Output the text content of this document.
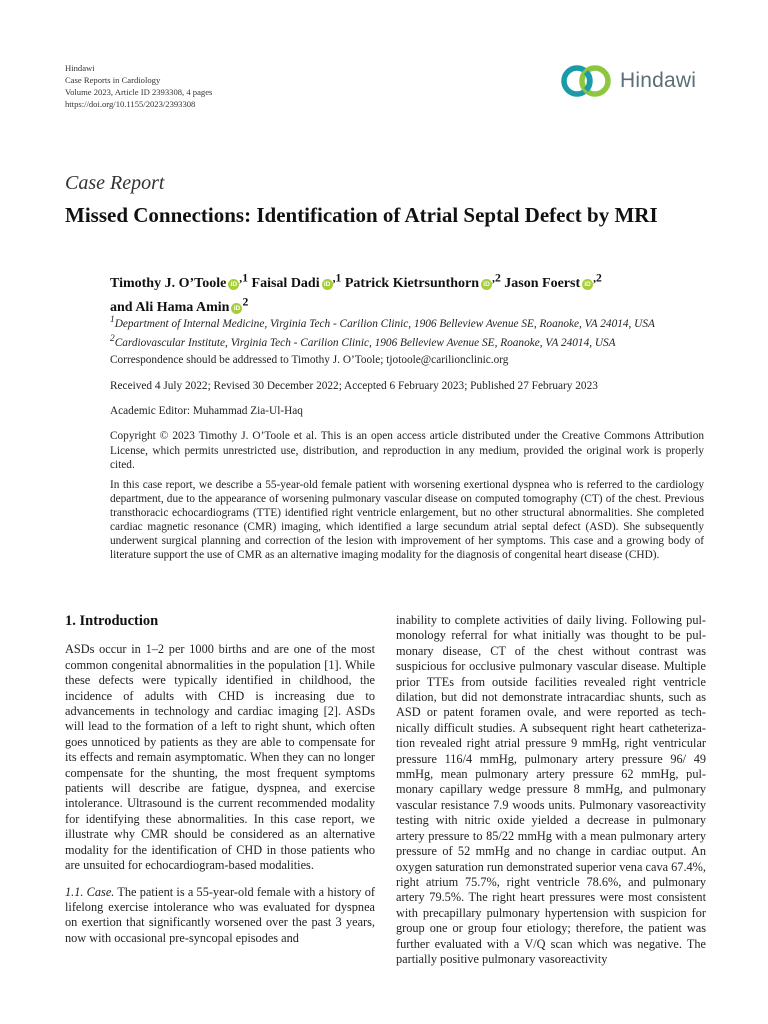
Hindawi
Case Reports in Cardiology
Volume 2023, Article ID 2393308, 4 pages
https://doi.org/10.1155/2023/2393308
Hindawi
Case Report
Missed Connections: Identification of Atrial Septal Defect by MRI
Timothy J. O’Toole $iD^{,1}$ Faisal Dadi $iD^{,1}$ Patrick Kietrsunthorn $iD^{,2}$ Jason Foerst $iD^{,2}$
and Ali Hama Amin $iD^2$
$^1$Department of Internal Medicine, Virginia Tech - Carilion Clinic, 1906 Belleview Avenue SE, Roanoke, VA 24014, USA
$^2$Cardiovascular Institute, Virginia Tech - Carilion Clinic, 1906 Belleview Avenue SE, Roanoke, VA 24014, USA
Correspondence should be addressed to Timothy J. O’Toole; tjotoole@carilionclinic.org
Received 4 July 2022; Revised 30 December 2022; Accepted 6 February 2023; Published 27 February 2023
Academic Editor: Muhammad Zia-Ul-Haq
Copyright © 2023 Timothy J. O’Toole et al. This is an open access article distributed under the Creative Commons Attribution License, which permits unrestricted use, distribution, and reproduction in any medium, provided the original work is properly cited.
In this case report, we describe a 55-year-old female patient with worsening exertional dyspnea who is referred to the cardiology department, due to the appearance of worsening pulmonary vascular disease on computed tomography (CT) of the chest. Previous transthoracic echocardiograms (TTE) identified right ventricle enlargement, but no other structural abnormalities. She completed cardiac magnetic resonance (CMR) imaging, which identified a large secundum atrial septal defect (ASD). She subsequently underwent surgical planning and correction of the lesion with improvement of her symptoms. This case and a growing body of literature support the use of CMR as an alternative imaging modality for the diagnosis of congenital heart disease (CHD).
1. Introduction

ASDs occur in 1–2 per 1000 births and are one of the most common congenital abnormalities in the population [1]. While these defects were typically identified in childhood, the incidence of adults with CHD is increasing due to advancements in technology and cardiac imaging [2]. ASDs will lead to the formation of a left to right shunt, which often goes unnoticed by patients as they are able to compensate for its effects and remain asymptomatic. When they can no longer compensate for the shunting, the most frequent symptoms patients will describe are fatigue, dyspnea, and exercise intolerance. Ultrasound is the current recommended modality for identifying these abnormalities. In this case report, we illustrate why CMR should be considered as an alternative modality for the identification of CHD in those patients who are unsuited for echocardiogram-based modalities.

1.1. Case. The patient is a 55-year-old female with a history of lifelong exercise intolerance who was evaluated for dyspnea on exertion that significantly worsened over the past 3 years, now with occasional pre-syncopal episodes and

inability to complete activities of daily living. Following pulmonology referral for what initially was thought to be pulmonary disease, CT of the chest without contrast was suspicious for occlusive pulmonary vascular disease. Multiple prior TTEs from outside facilities revealed right ventricle dilation, but did not demonstrate intracardiac shunts, such as ASD or patent foramen ovale, and were reported as technically difficult studies. A subsequent right heart catheterization revealed right atrial pressure 9 mmHg, right ventricular pressure 116/4 mmHg, pulmonary artery pressure 96/ 49 mmHg, mean pulmonary artery pressure 62 mmHg, pulmonary capillary wedge pressure 8 mmHg, and pulmonary vascular resistance 7.9 woods units. Pulmonary vasoreactivity testing with nitric oxide yielded a decrease in pulmonary artery pressure to 85/22 mmHg with a mean pulmonary artery pressure of 52 mmHg and no change in cardiac output. An oxygen saturation run demonstrated superior vena cava 67.4%, right atrium 75.7%, right ventricle 78.6%, and pulmonary artery 79.5%. The right heart pressures were most consistent with precapillary pulmonary hypertension with suspicion for group one or group four etiology; therefore, the patient was further evaluated with a V/Q scan which was negative. The partially positive pulmonary vasoreactivity
